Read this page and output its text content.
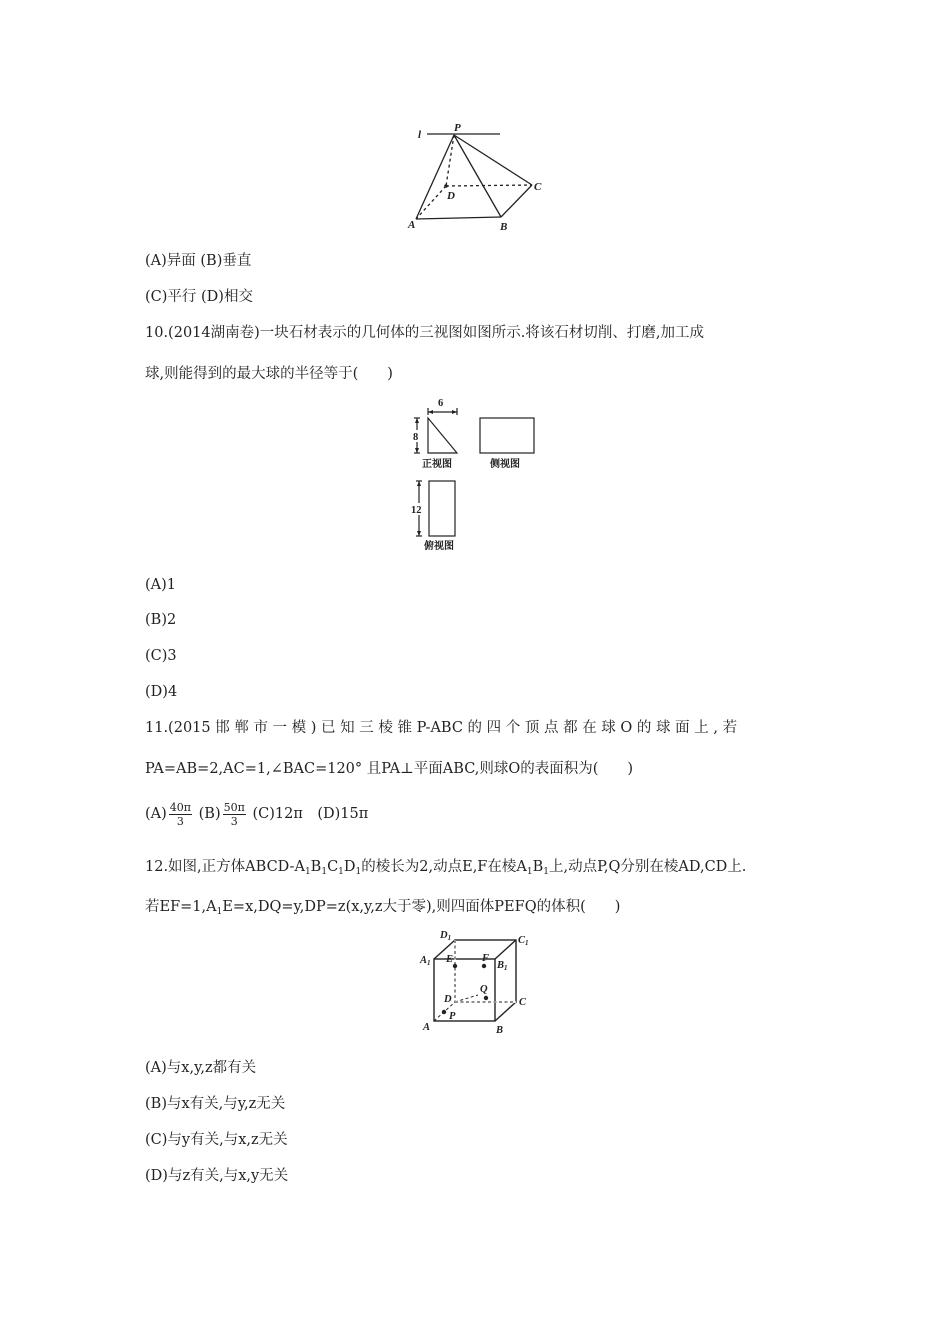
l
P
D
C
A	B
(A)异面 (B)垂直
(C)平行 (D)相交
10.(2014湖南卷)一块石材表示的几何体的三视图如图所示.将该石材切削、打磨,加工成
球,则能得到的最大球的半径等于(　　)
6
8
12
正视图	侧视图
俯视图
(A)1
(B)2
(C)3
(D)4
11.(2015 邯 郸 市 一 模 ) 已 知 三 棱 锥 P-ABC 的 四 个 顶 点 都 在 球 O 的 球 面 上 , 若
PA=AB=2,AC=1,∠BAC=120° 且PA⊥平面ABC,则球O的表面积为(　　)
$(A) \frac{40\pi}{3} (B) \frac{50\pi}{3} (C)12\pi$　(D)15π
12.如图,正方体ABCD-$A_1B_1C_1D_1$的棱长为2,动点E,F在棱$A_1B_1$上,动点P,Q分别在棱AD,CD上.
若$EF=1,A_1E=x,DQ=y,DP=z(x,y,z$大于零),则四面体PEFQ的体积(　　)
D1	C1
A1	B1
E	F
Q
C
D
P
A	B
(A)与x,y,z都有关
(B)与x有关,与y,z无关
(C)与y有关,与x,z无关
(D)与z有关,与x,y无关
